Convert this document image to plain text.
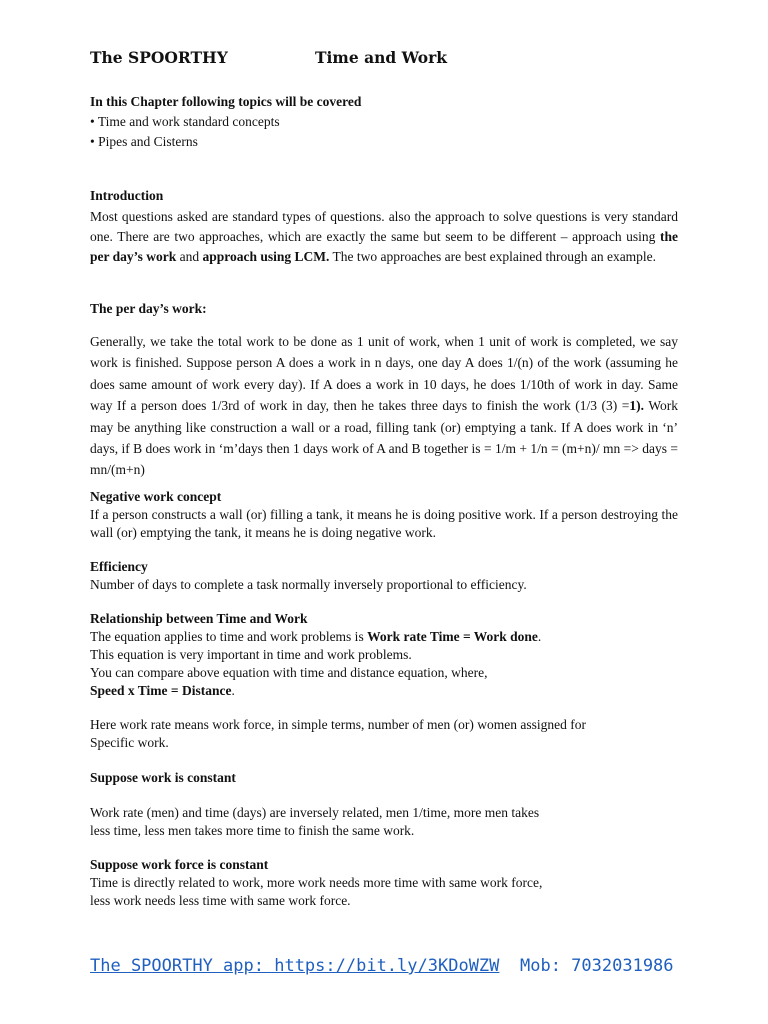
The SPOORTHY	Time and Work

In this Chapter following topics will be covered

• Time and work standard concepts

• Pipes and Cisterns

Introduction

Most questions asked are standard types of questions. also the approach to solve questions is very standard one. There are two approaches, which are exactly the same but seem to be different – approach using the per day’s work and approach using LCM. The two approaches are best explained through an example.

The per day’s work:

Generally, we take the total work to be done as 1 unit of work, when 1 unit of work is completed, we say work is finished. Suppose person A does a work in n days, one day A does 1/(n) of the work (assuming he does same amount of work every day). If A does a work in 10 days, he does 1/10th of work in day. Same way If a person does 1/3rd of work in day, then he takes three days to finish the work (1/3 (3) =1). Work may be anything like construction a wall or a road, filling tank (or) emptying a tank. If A does work in ‘n’ days, if B does work in ‘m’days then 1 days work of A and B together is = 1/m + 1/n = (m+n)/ mn => days = mn/(m+n)

Negative work concept

If a person constructs a wall (or) filling a tank, it means he is doing positive work. If a person destroying the wall (or) emptying the tank, it means he is doing negative work.

Efficiency

Number of days to complete a task normally inversely proportional to efficiency.

Relationship between Time and Work

The equation applies to time and work problems is Work rate Time = Work done.

This equation is very important in time and work problems.

You can compare above equation with time and distance equation, where,

Speed x Time = Distance.

Here work rate means work force, in simple terms, number of men (or) women assigned for

Specific work.

Suppose work is constant

Work rate (men) and time (days) are inversely related, men 1/time, more men takes

less time, less men takes more time to finish the same work.

Suppose work force is constant

Time is directly related to work, more work needs more time with same work force,

less work needs less time with same work force.

The SPOORTHY app: https://bit.ly/3KDoWZW Mob: 7032031986
